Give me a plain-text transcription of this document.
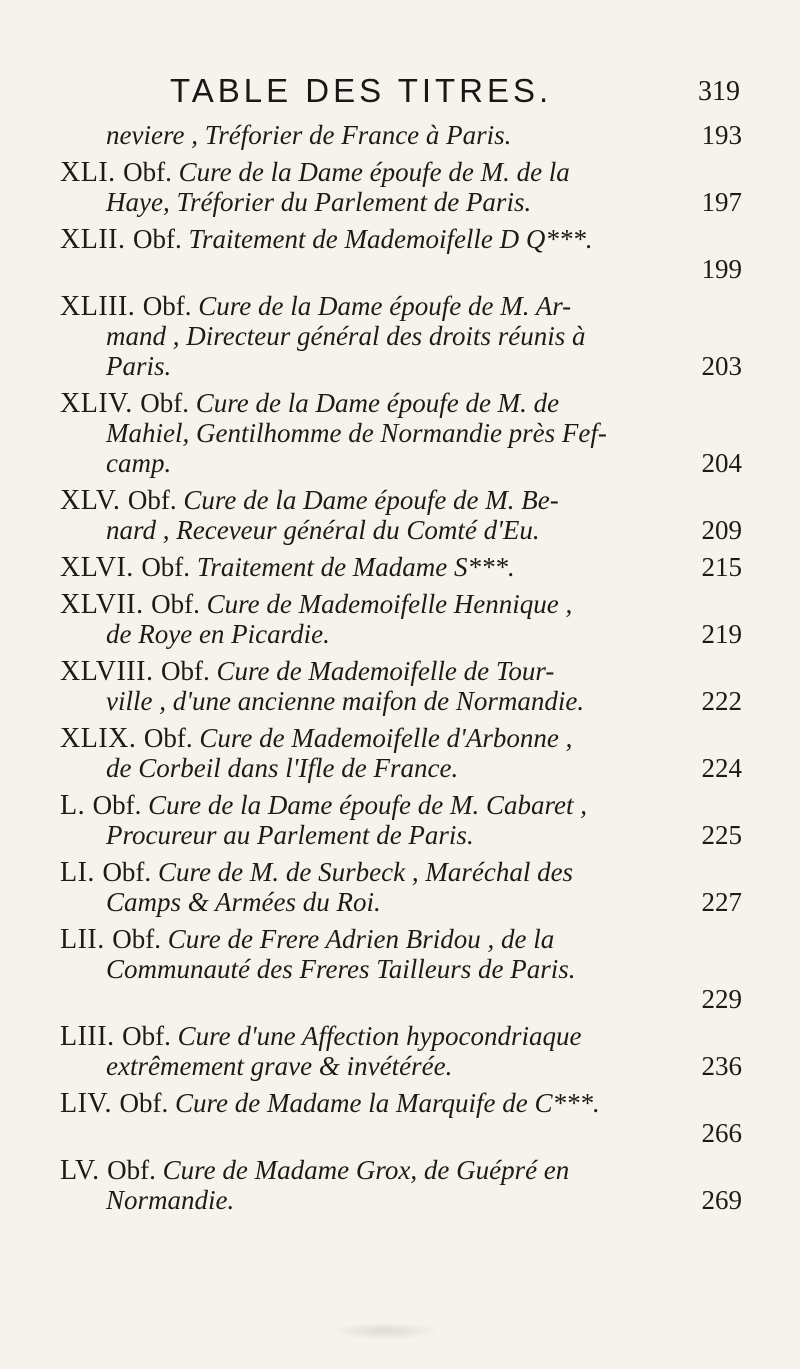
TABLE DES TITRES.	319
neviere , Tréforier de France à Paris.	193
XLI. Obf. Cure de la Dame époufe de M. de la
Haye, Tréforier du Parlement de Paris.	197
XLII. Obf. Traitement de Mademoifelle D Q***.
199
XLIII. Obf. Cure de la Dame époufe de M. Ar-
mand , Directeur général des droits réunis à
Paris.	203
XLIV. Obf. Cure de la Dame époufe de M. de
Mahiel, Gentilhomme de Normandie près Fef-
camp.	204
XLV. Obf. Cure de la Dame époufe de M. Be-
nard , Receveur général du Comté d'Eu.	209
XLVI. Obf. Traitement de Madame S***.	215
XLVII. Obf. Cure de Mademoifelle Hennique ,
de Roye en Picardie.	219
XLVIII. Obf. Cure de Mademoifelle de Tour-
ville , d'une ancienne maifon de Normandie.	222
XLIX. Obf. Cure de Mademoifelle d'Arbonne ,
de Corbeil dans l'Ifle de France.	224
L. Obf. Cure de la Dame époufe de M. Cabaret ,
Procureur au Parlement de Paris.	225
LI. Obf. Cure de M. de Surbeck , Maréchal des
Camps & Armées du Roi.	227
LII. Obf. Cure de Frere Adrien Bridou , de la
Communauté des Freres Tailleurs de Paris.
229
LIII. Obf. Cure d'une Affection hypocondriaque
extrêmement grave & invétérée.	236
LIV. Obf. Cure de Madame la Marquife de C***.
266
LV. Obf. Cure de Madame Grox, de Guépré en
Normandie.	269
